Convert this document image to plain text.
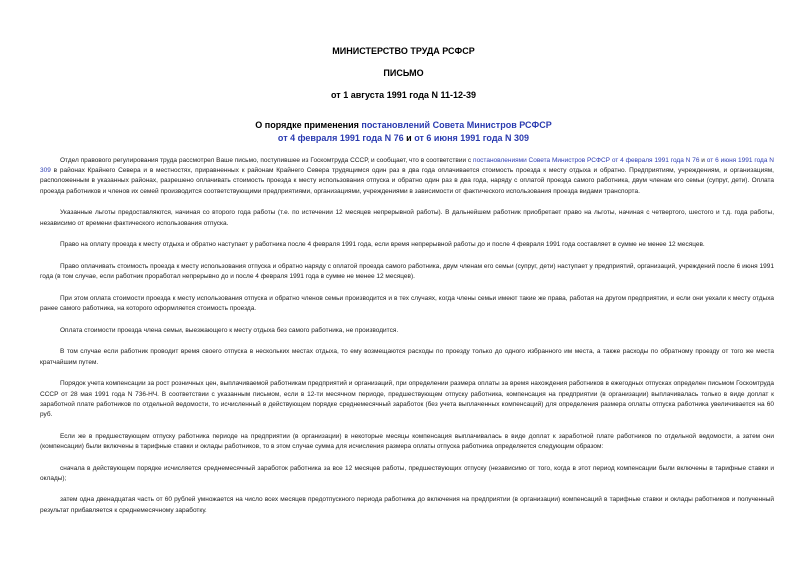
МИНИСТЕРСТВО ТРУДА РСФСР
ПИСЬМО
от 1 августа 1991 года N 11-12-39
О порядке применения постановлений Совета Министров РСФСР
от 4 февраля 1991 года N 76 и от 6 июня 1991 года N 309

Отдел правового регулирования труда рассмотрел Ваше письмо, поступившее из Госкомтруда СССР, и сообщает, что в соответствии с постановлениями Совета Министров РСФСР от 4 февраля 1991 года N 76 и от 6 июня 1991 года N 309 в районах Крайнего Севера и в местностях, приравненных к районам Крайнего Севера трудящимся один раз в два года оплачивается стоимость проезда к месту отдыха и обратно. Предприятиям, учреждениям, и организациям, расположенным в указанных районах, разрешено оплачивать стоимость проезда к месту использования отпуска и обратно один раз в два года, наряду с оплатой проезда самого работника, двум членам его семьи (супруг, дети). Оплата проезда работников и членов их семей производится соответствующими предприятиями, организациями, учреждениями в зависимости от фактического использования проезда видами транспорта.

Указанные льготы предоставляются, начиная со второго года работы (т.е. по истечении 12 месяцев непрерывной работы). В дальнейшем работник приобретает право на льготы, начиная с четвертого, шестого и т.д. года работы, независимо от времени фактического использования отпуска.

Право на оплату проезда к месту отдыха и обратно наступает у работника после 4 февраля 1991 года, если время непрерывной работы до и после 4 февраля 1991 года составляет в сумме не менее 12 месяцев.

Право оплачивать стоимость проезда к месту использования отпуска и обратно наряду с оплатой проезда самого работника, двум членам его семьи (супруг, дети) наступает у предприятий, организаций, учреждений после 6 июня 1991 года (в том случае, если работник проработал непрерывно до и после 4 февраля 1991 года в сумме не менее 12 месяцев).

При этом оплата стоимости проезда к месту использования отпуска и обратно членов семьи производится и в тех случаях, когда члены семьи имеют такие же права, работая на другом предприятии, и если они уехали к месту отдыха ранее самого работника, на которого оформляется стоимость проезда.

Оплата стоимости проезда члена семьи, выезжающего к месту отдыха без самого работника, не производится.

В том случае если работник проводит время своего отпуска в нескольких местах отдыха, то ему возмещаются расходы по проезду только до одного избранного им места, а также расходы по обратному проезду от того же места кратчайшим путем.

Порядок учета компенсации за рост розничных цен, выплачиваемой работникам предприятий и организаций, при определении размера оплаты за время нахождения работников в ежегодных отпусках определен письмом Госкомтруда СССР от 28 мая 1991 года N 736-НЧ. В соответствии с указанным письмом, если в 12-ти месячном периоде, предшествующем отпуску работника, компенсация на предприятии (в организации) выплачивалась только в виде доплат к заработной плате работников по отдельной ведомости, то исчисленный в действующем порядке среднемесячный заработок (без учета выплаченных компенсаций) для определения размера оплаты отпуска работника увеличивается на 60 руб.

Если же в предшествующем отпуску работника периоде на предприятии (в организации) в некоторые месяцы компенсация выплачивалась в виде доплат к заработной плате работников по отдельной ведомости, а затем они (компенсации) были включены в тарифные ставки и оклады работников, то в этом случае сумма для исчисления размера оплаты отпуска работника определяется следующим образом:

сначала в действующем порядке исчисляется среднемесячный заработок работника за все 12 месяцев работы, предшествующих отпуску (независимо от того, когда в этот период компенсации были включены в тарифные ставки и оклады);

затем одна двенадцатая часть от 60 рублей умножается на число всех месяцев предотпускного периода работника до включения на предприятии (в организации) компенсаций в тарифные ставки и оклады работников и полученный результат прибавляется к среднемесячному заработку.
